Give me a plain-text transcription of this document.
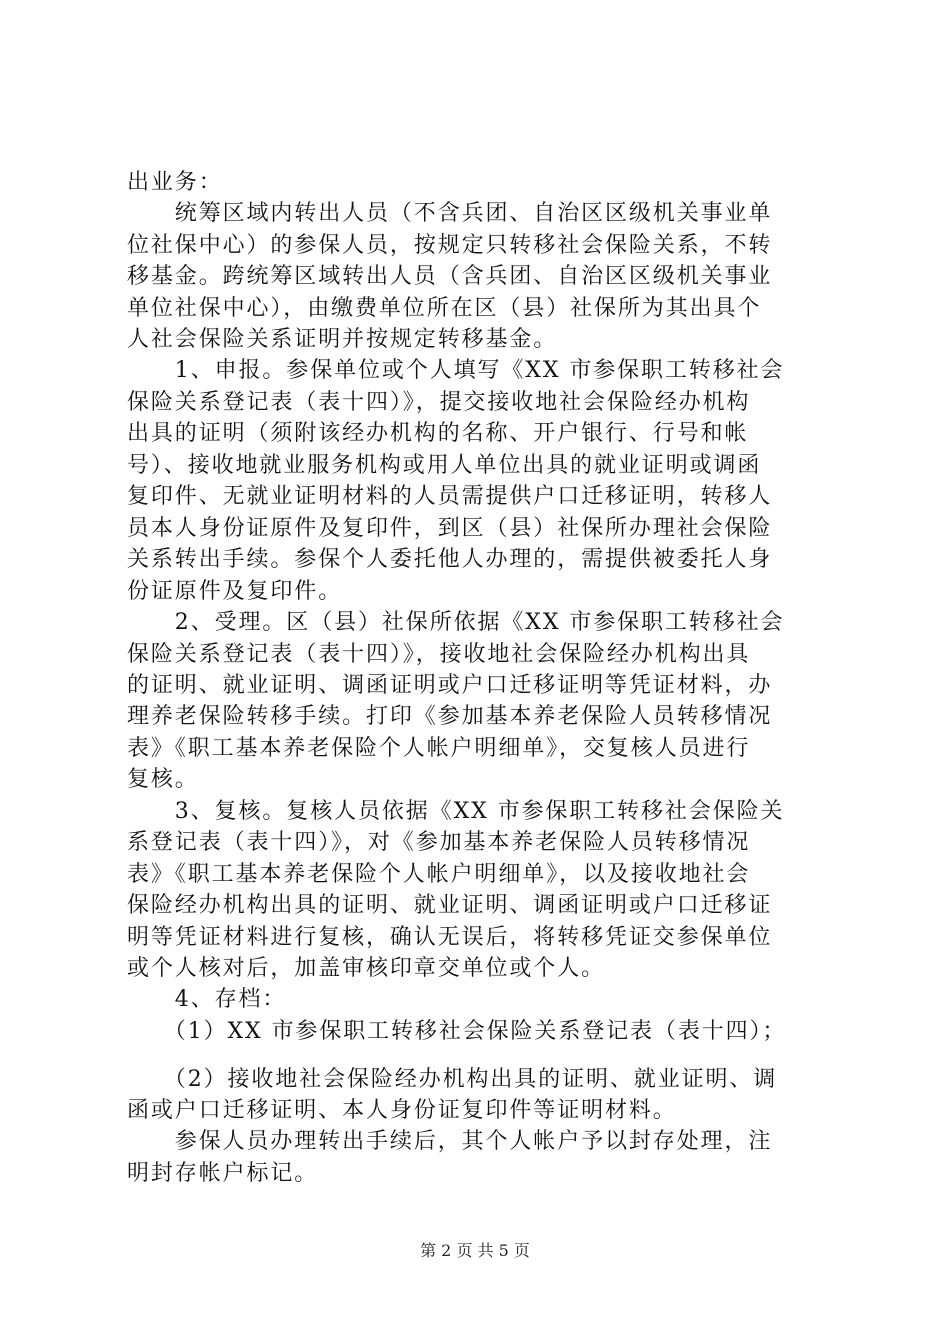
出业务：
　　统筹区域内转出人员（不含兵团、自治区区级机关事业单
位社保中心）的参保人员，按规定只转移社会保险关系，不转
移基金。跨统筹区域转出人员（含兵团、自治区区级机关事业
单位社保中心），由缴费单位所在区（县）社保所为其出具个
人社会保险关系证明并按规定转移基金。
　　1、申报。参保单位或个人填写《XX 市参保职工转移社会
保险关系登记表（表十四）》，提交接收地社会保险经办机构
出具的证明（须附该经办机构的名称、开户银行、行号和帐
号）、接收地就业服务机构或用人单位出具的就业证明或调函
复印件、无就业证明材料的人员需提供户口迁移证明，转移人
员本人身份证原件及复印件，到区（县）社保所办理社会保险
关系转出手续。参保个人委托他人办理的，需提供被委托人身
份证原件及复印件。
　　2、受理。区（县）社保所依据《XX 市参保职工转移社会
保险关系登记表（表十四）》，接收地社会保险经办机构出具
的证明、就业证明、调函证明或户口迁移证明等凭证材料，办
理养老保险转移手续。打印《参加基本养老保险人员转移情况
表》《职工基本养老保险个人帐户明细单》，交复核人员进行
复核。
　　3、复核。复核人员依据《XX 市参保职工转移社会保险关
系登记表（表十四）》，对《参加基本养老保险人员转移情况
表》《职工基本养老保险个人帐户明细单》，以及接收地社会
保险经办机构出具的证明、就业证明、调函证明或户口迁移证
明等凭证材料进行复核，确认无误后，将转移凭证交参保单位
或个人核对后，加盖审核印章交单位或个人。
　　4、存档：
　　（1）XX 市参保职工转移社会保险关系登记表（表十四）；
　　（2）接收地社会保险经办机构出具的证明、就业证明、调
函或户口迁移证明、本人身份证复印件等证明材料。
　　参保人员办理转出手续后，其个人帐户予以封存处理，注
明封存帐户标记。
第 2 页 共 5 页
